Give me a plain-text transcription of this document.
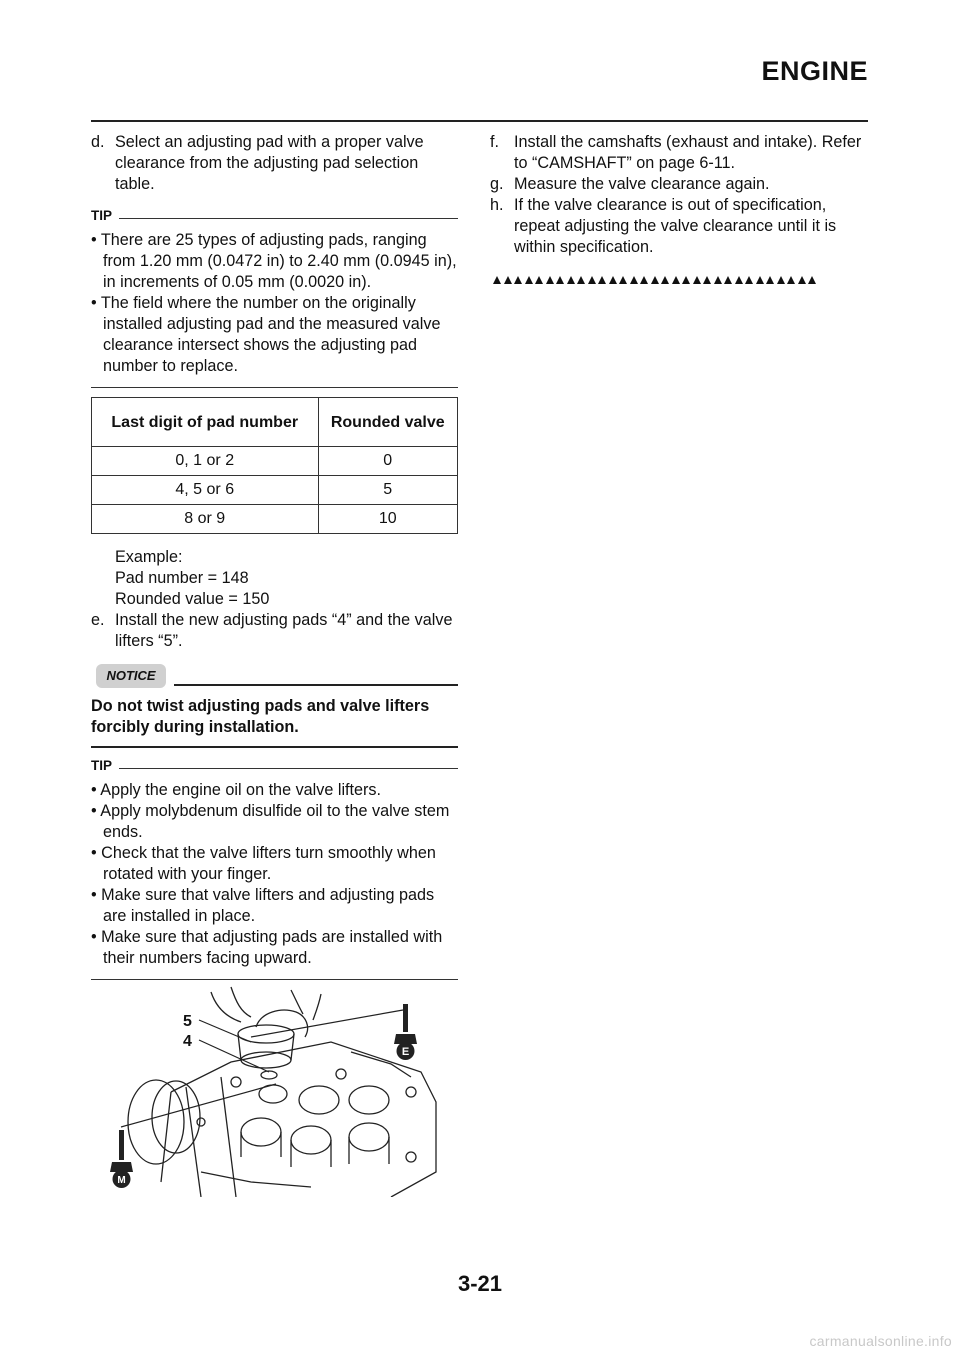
ENGINE
d. Select an adjusting pad with a proper valve clearance from the adjusting pad selection table.
TIP

• There are 25 types of adjusting pads, ranging from 1.20 mm (0.0472 in) to 2.40 mm (0.0945 in), in increments of 0.05 mm (0.0020 in).

• The field where the number on the originally installed adjusting pad and the measured valve clearance intersect shows the adjusting pad number to replace.

Last digit of pad number	Rounded valve
0, 1 or 2	0
4, 5 or 6	5
8 or 9	10
Example:
Pad number = 148
Rounded value = 150
e. Install the new adjusting pads “4” and the valve lifters “5”.
NOTICE

Do not twist adjusting pads and valve lifters forcibly during installation.

TIP

• Apply the engine oil on the valve lifters.

• Apply molybdenum disulfide oil to the valve stem ends.

• Check that the valve lifters turn smoothly when rotated with your finger.

• Make sure that valve lifters and adjusting pads are installed in place.

• Make sure that adjusting pads are installed with their numbers facing upward.

5
4
E
M
f. Install the camshafts (exhaust and intake). Refer to “CAMSHAFT” on page 6-11.
g. Measure the valve clearance again.
h. If the valve clearance is out of specification, repeat adjusting the valve clearance until it is within specification.
3-21
carmanualsonline.info
